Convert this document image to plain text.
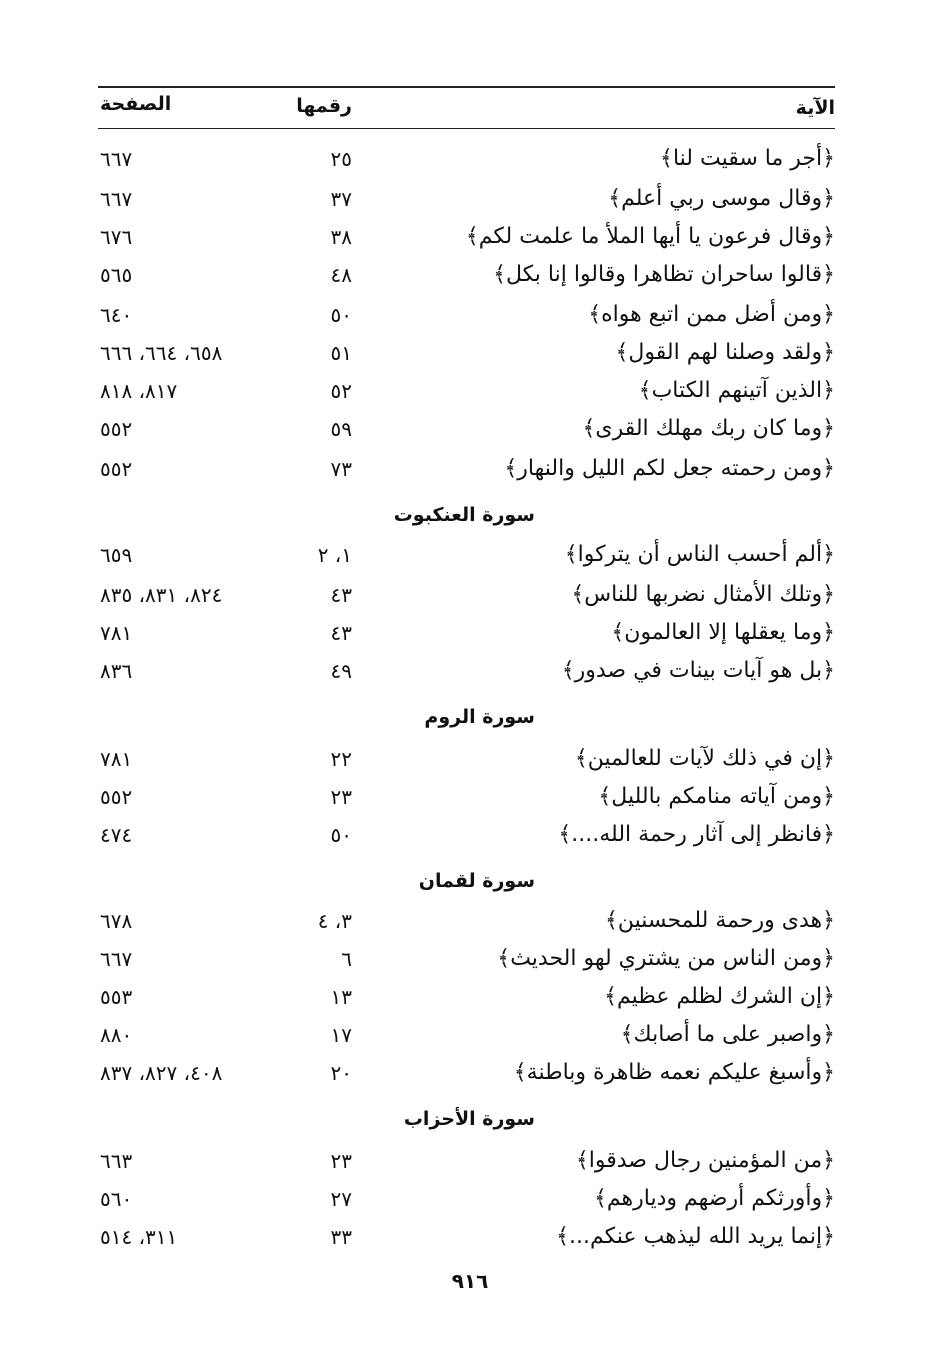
الآية
رقمها
الصفحة
﴿أجر ما سقيت لنا﴾
٢٥
٦٦٧
﴿وقال موسى ربي أعلم﴾
٣٧
٦٦٧
﴿وقال فرعون يا أيها الملأ ما علمت لكم﴾
٣٨
٦٧٦
﴿قالوا ساحران تظاهرا وقالوا إنا بكل﴾
٤٨
٥٦٥
﴿ومن أضل ممن اتبع هواه﴾
٥٠
٦٤٠
﴿ولقد وصلنا لهم القول﴾
٥١
٦٥٨، ٦٦٤، ٦٦٦
﴿الذين آتينهم الكتاب﴾
٥٢
٨١٧، ٨١٨
﴿وما كان ربك مهلك القرى﴾
٥٩
٥٥٢
﴿ومن رحمته جعل لكم الليل والنهار﴾
٧٣
٥٥٢
سورة العنكبوت
﴿ألم أحسب الناس أن يتركوا﴾
١، ٢
٦٥٩
﴿وتلك الأمثال نضربها للناس﴾
٤٣
٨٢٤، ٨٣١، ٨٣٥
﴿وما يعقلها إلا العالمون﴾
٤٣
٧٨١
﴿بل هو آيات بينات في صدور﴾
٤٩
٨٣٦
سورة الروم
﴿إن في ذلك لآيات للعالمين﴾
٢٢
٧٨١
﴿ومن آياته منامكم بالليل﴾
٢٣
٥٥٢
﴿فانظر إلى آثار رحمة الله....﴾
٥٠
٤٧٤
سورة لقمان
﴿هدى ورحمة للمحسنين﴾
٣، ٤
٦٧٨
﴿ومن الناس من يشتري لهو الحديث﴾
٦
٦٦٧
﴿إن الشرك لظلم عظيم﴾
١٣
٥٥٣
﴿واصبر على ما أصابك﴾
١٧
٨٨٠
﴿وأسبغ عليكم نعمه ظاهرة وباطنة﴾
٢٠
٤٠٨، ٨٢٧، ٨٣٧
سورة الأحزاب
﴿من المؤمنين رجال صدقوا﴾
٢٣
٦٦٣
﴿وأورثكم أرضهم وديارهم﴾
٢٧
٥٦٠
﴿إنما يريد الله ليذهب عنكم...﴾
٣٣
٣١١، ٥١٤
٩١٦
